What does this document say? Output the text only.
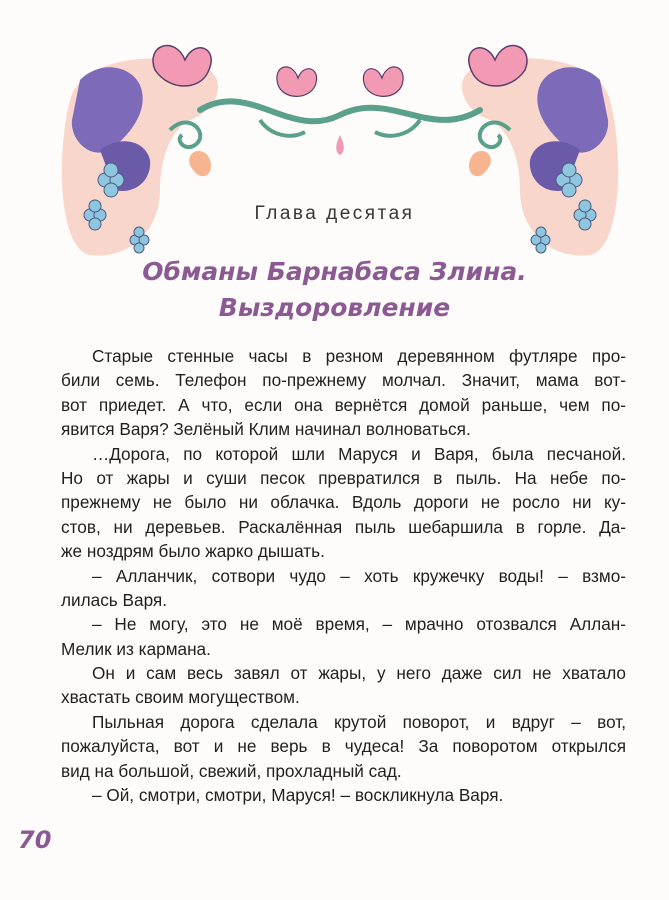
Глава десятая
Обманы Барнабаса Злина.
Выздоровление
Старые стенные часы в резном деревянном футляре про-
били семь. Телефон по-прежнему молчал. Значит, мама вот-
вот приедет. А что, если она вернётся домой раньше, чем по-
явится Варя? Зелёный Клим начинал волноваться.
…Дорога, по которой шли Маруся и Варя, была песчаной.
Но от жары и суши песок превратился в пыль. На небе по-
прежнему не было ни облачка. Вдоль дороги не росло ни ку-
стов, ни деревьев. Раскалённая пыль шебаршила в горле. Да-
же ноздрям было жарко дышать.
– Алланчик, сотвори чудо – хоть кружечку воды! – взмо-
лилась Варя.
– Не могу, это не моё время, – мрачно отозвался Аллан-
Мелик из кармана.
Он и сам весь завял от жары, у него даже сил не хватало
хвастать своим могуществом.
Пыльная дорога сделала крутой поворот, и вдруг – вот,
пожалуйста, вот и не верь в чудеса! За поворотом открылся
вид на большой, свежий, прохладный сад.
– Ой, смотри, смотри, Маруся! – воскликнула Варя.
70
